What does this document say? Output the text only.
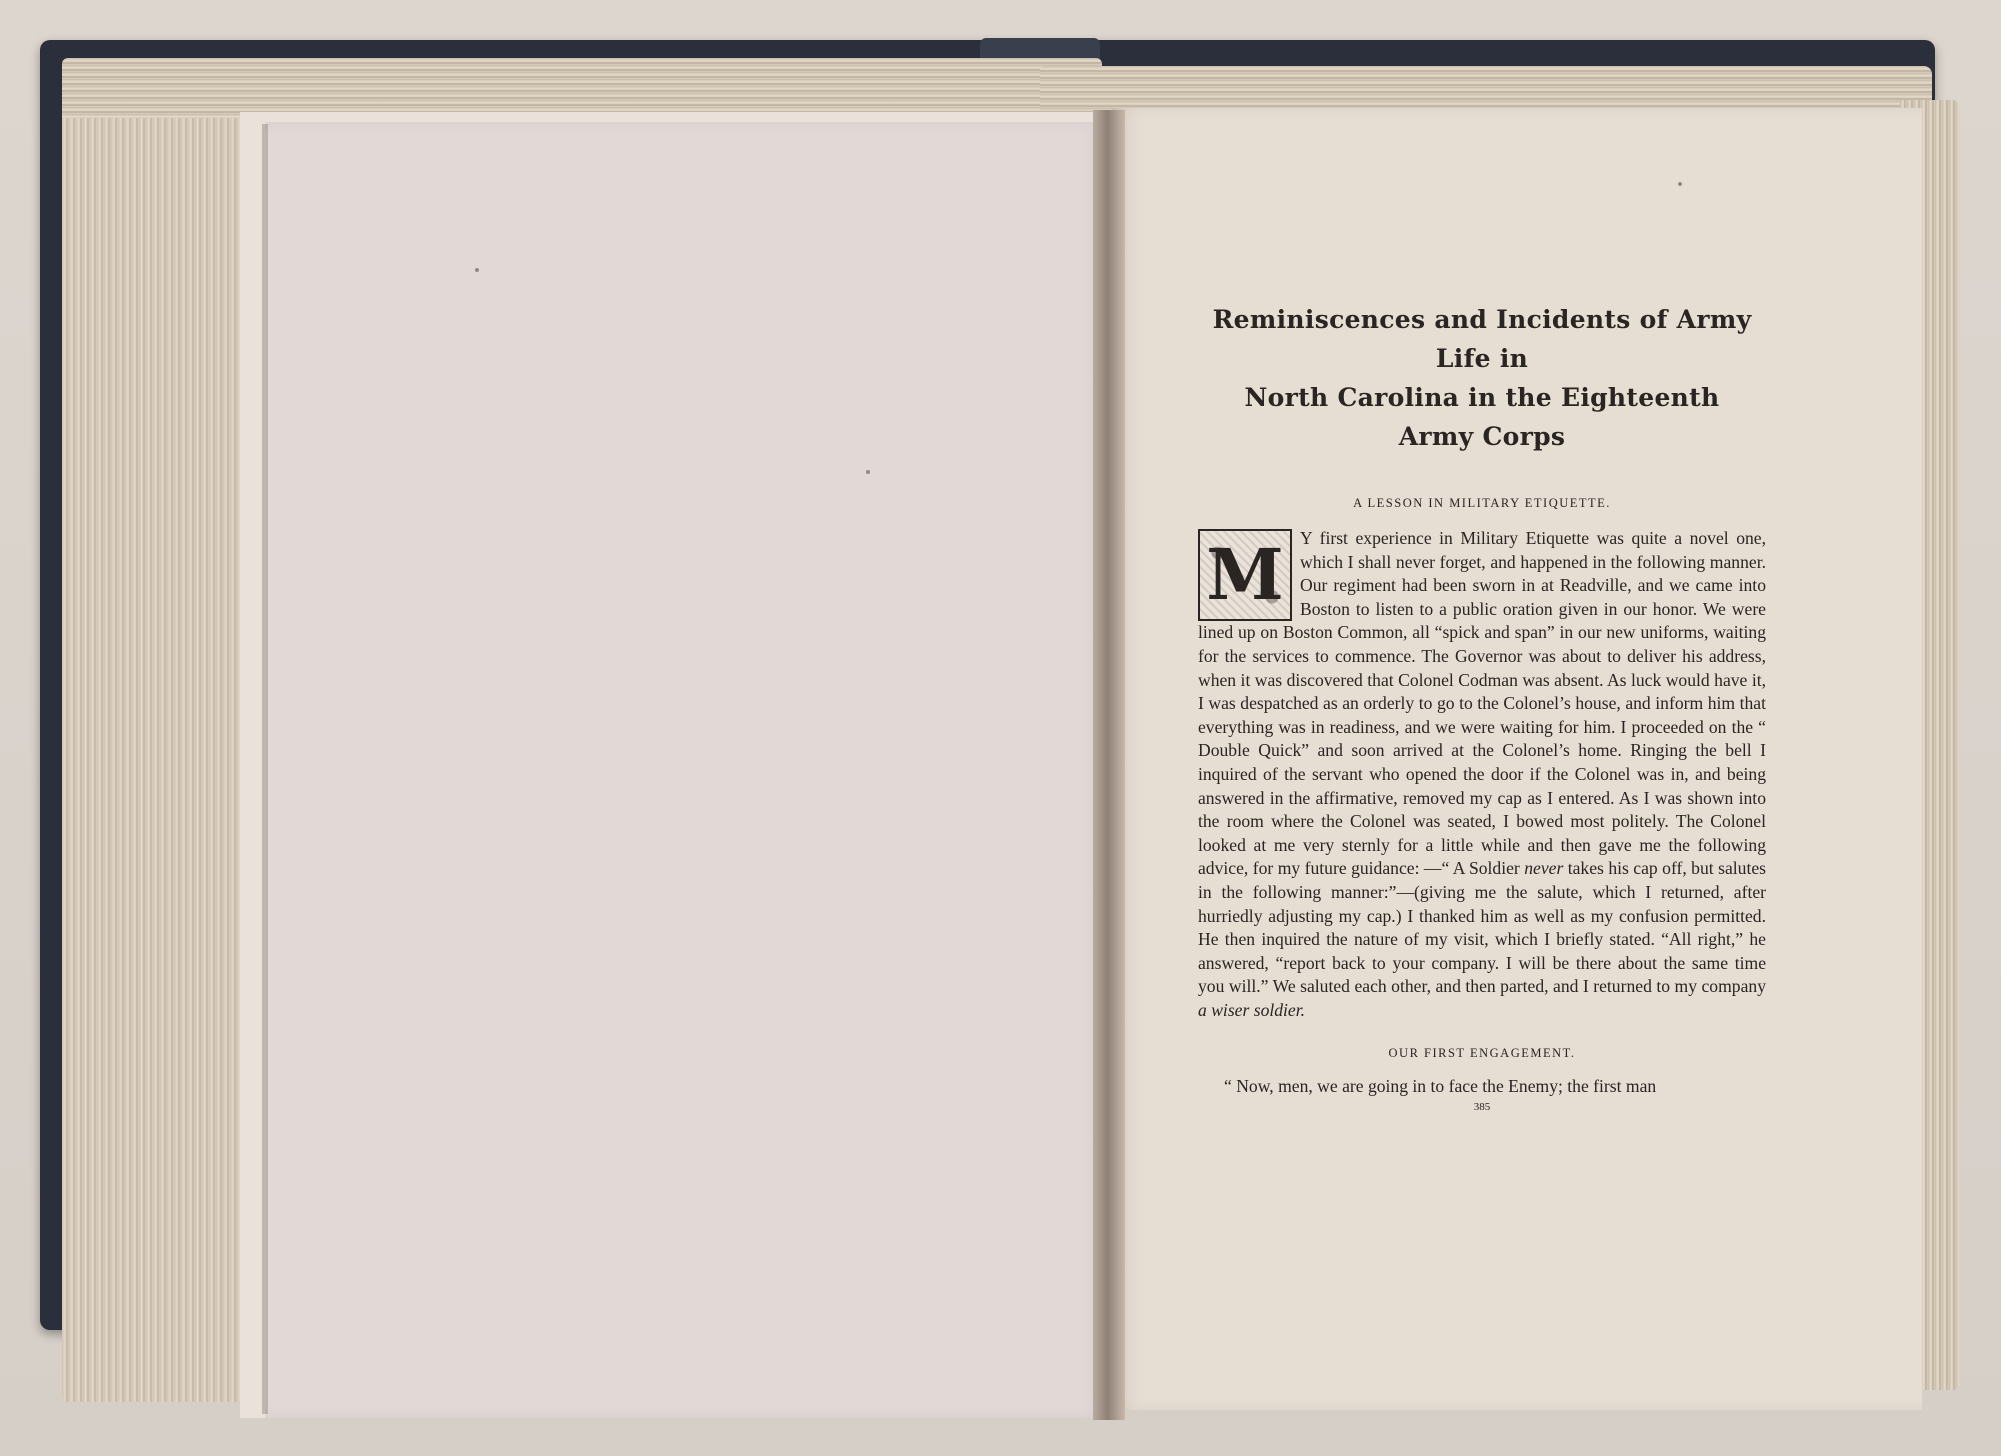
Reminiscences and Incidents of Army Life in
North Carolina in the Eighteenth
Army Corps

A LESSON IN MILITARY ETIQUETTE.

M Y first experience in Military Etiquette was quite a novel one, which I shall never forget, and happened in the following manner. Our regiment had been sworn in at Readville, and we came into Boston to listen to a public oration given in our honor. We were lined up on Boston Common, all “spick and span” in our new uniforms, waiting for the services to commence. The Governor was about to deliver his address, when it was discovered that Colonel Codman was absent. As luck would have it, I was despatched as an orderly to go to the Colonel’s house, and inform him that everything was in readiness, and we were waiting for him. I proceeded on the “ Double Quick” and soon arrived at the Colonel’s home. Ringing the bell I inquired of the servant who opened the door if the Colonel was in, and being answered in the affirmative, removed my cap as I entered. As I was shown into the room where the Colonel was seated, I bowed most politely. The Colonel looked at me very sternly for a little while and then gave me the following advice, for my future guidance: —“ A Soldier never takes his cap off, but salutes in the following manner:”—(giving me the salute, which I returned, after hurriedly adjusting my cap.) I thanked him as well as my confusion permitted. He then inquired the nature of my visit, which I briefly stated. “All right,” he answered, “report back to your company. I will be there about the same time you will.” We saluted each other, and then parted, and I returned to my company a wiser soldier.

OUR FIRST ENGAGEMENT.

“ Now, men, we are going in to face the Enemy; the first man

385
